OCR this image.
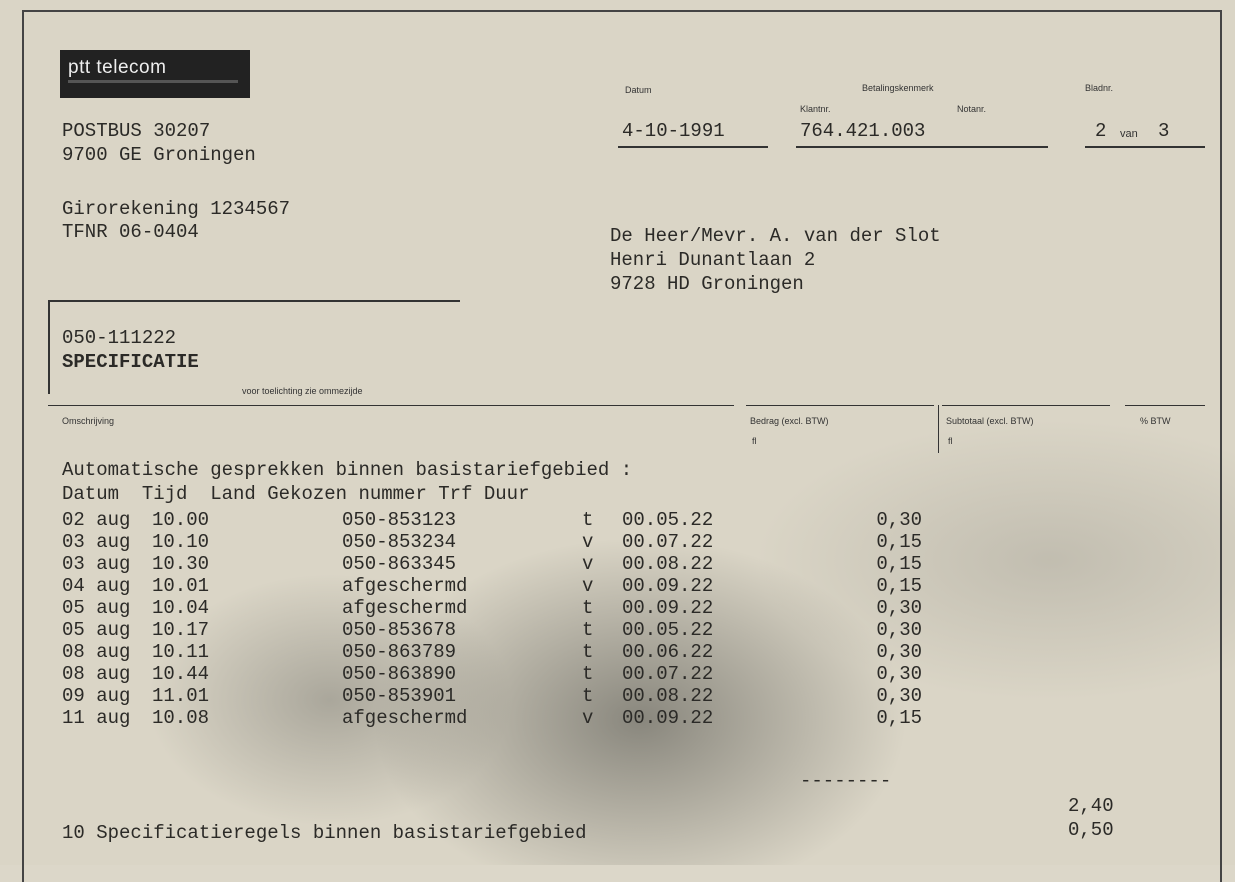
ptt telecom
POSTBUS 30207
9700 GE Groningen
Girorekening 1234567
TFNR 06-0404
Datum	Betalingskenmerk	Bladnr.
Klantnr.	Notanr.
4-10-1991	764.421.003	2 van 3
De Heer/Mevr. A. van der Slot
Henri Dunantlaan 2
9728 HD Groningen
050-111222
SPECIFICATIE
voor toelichting zie ommezijde
Omschrijving	Bedrag (excl. BTW)
fl
Subtotaal (excl. BTW)
fl
% BTW
Automatische gesprekken binnen basistariefgebied :
Datum  Tijd  Land Gekozen nummer Trf Duur
02 aug	10.00	050-853123	t	00.05.22	0,30
03 aug	10.10	050-853234	v	00.07.22	0,15
03 aug	10.30	050-863345	v	00.08.22	0,15
04 aug	10.01	afgeschermd	v	00.09.22	0,15
05 aug	10.04	afgeschermd	t	00.09.22	0,30
05 aug	10.17	050-853678	t	00.05.22	0,30
08 aug	10.11	050-863789	t	00.06.22	0,30
08 aug	10.44	050-863890	t	00.07.22	0,30
09 aug	11.01	050-853901	t	00.08.22	0,30
11 aug	10.08	afgeschermd	v	00.09.22	0,15
--------
2,40
10 Specificatieregels binnen basistariefgebied	0,50
